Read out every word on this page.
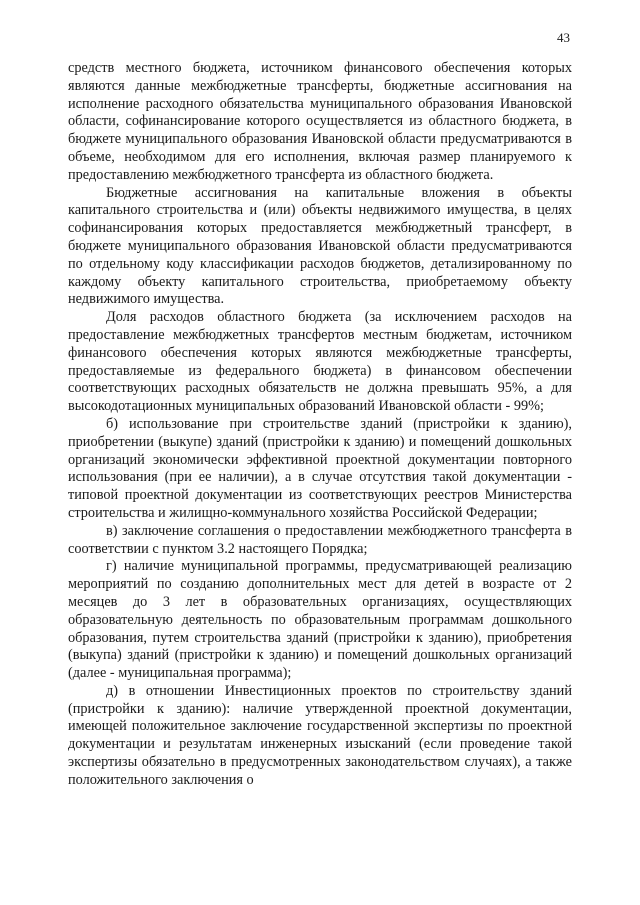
43

средств местного бюджета, источником финансового обеспечения которых являются данные межбюджетные трансферты, бюджетные ассигнования на исполнение расходного обязательства муниципального образования Ивановской области, софинансирование которого осуществляется из областного бюджета, в бюджете муниципального образования Ивановской области предусматриваются в объеме, необходимом для его исполнения, включая размер планируемого к предоставлению межбюджетного трансферта из областного бюджета.

Бюджетные ассигнования на капитальные вложения в объекты капитального строительства и (или) объекты недвижимого имущества, в целях софинансирования которых предоставляется межбюджетный трансферт, в бюджете муниципального образования Ивановской области предусматриваются по отдельному коду классификации расходов бюджетов, детализированному по каждому объекту капитального строительства, приобретаемому объекту недвижимого имущества.

Доля расходов областного бюджета (за исключением расходов на предоставление межбюджетных трансфертов местным бюджетам, источником финансового обеспечения которых являются межбюджетные трансферты, предоставляемые из федерального бюджета) в финансовом обеспечении соответствующих расходных обязательств не должна превышать 95%, а для высокодотационных муниципальных образований Ивановской области - 99%;

б) использование при строительстве зданий (пристройки к зданию), приобретении (выкупе) зданий (пристройки к зданию) и помещений дошкольных организаций экономически эффективной проектной документации повторного использования (при ее наличии), а в случае отсутствия такой документации - типовой проектной документации из соответствующих реестров Министерства строительства и жилищно-коммунального хозяйства Российской Федерации;

в) заключение соглашения о предоставлении межбюджетного трансферта в соответствии с пунктом 3.2 настоящего Порядка;

г) наличие муниципальной программы, предусматривающей реализацию мероприятий по созданию дополнительных мест для детей в возрасте от 2 месяцев до 3 лет в образовательных организациях, осуществляющих образовательную деятельность по образовательным программам дошкольного образования, путем строительства зданий (пристройки к зданию), приобретения (выкупа) зданий (пристройки к зданию) и помещений дошкольных организаций (далее - муниципальная программа);

д) в отношении Инвестиционных проектов по строительству зданий (пристройки к зданию): наличие утвержденной проектной документации, имеющей положительное заключение государственной экспертизы по проектной документации и результатам инженерных изысканий (если проведение такой экспертизы обязательно в предусмотренных законодательством случаях), а также положительного заключения о
